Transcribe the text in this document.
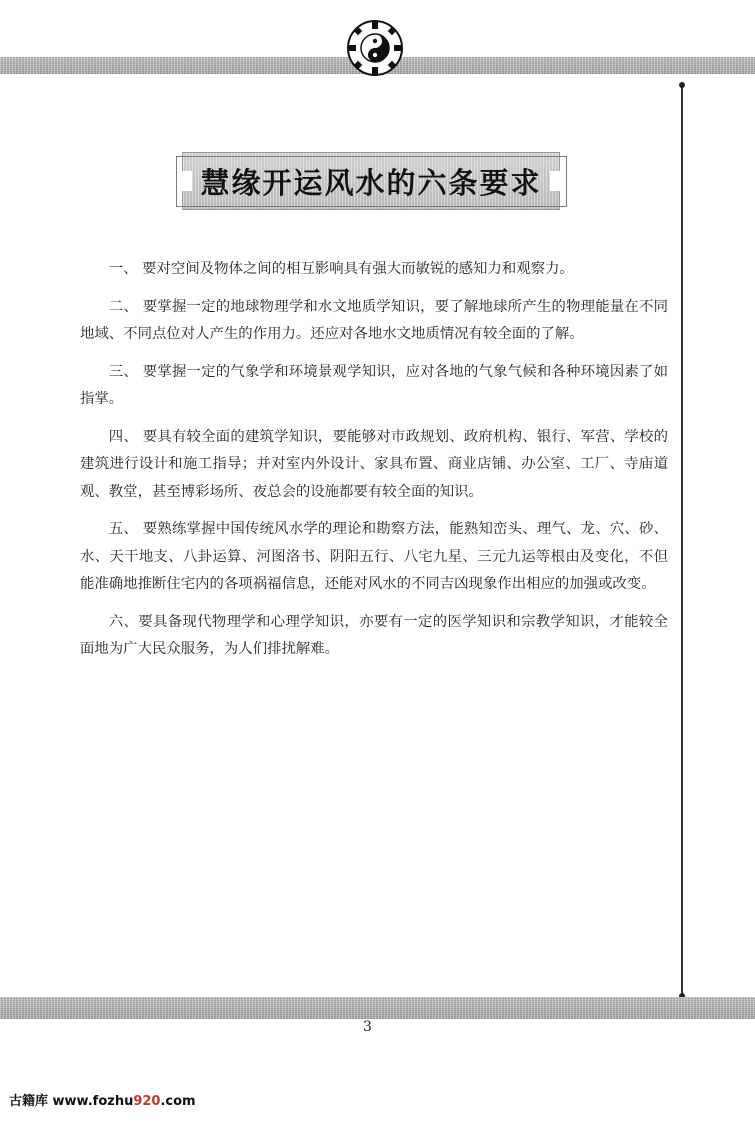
慧缘开运风水的六条要求

一、 要对空间及物体之间的相互影响具有强大而敏锐的感知力和观察力。

二、 要掌握一定的地球物理学和水文地质学知识，要了解地球所产生的物理能量在不同地域、不同点位对人产生的作用力。还应对各地水文地质情况有较全面的了解。

三、 要掌握一定的气象学和环境景观学知识，应对各地的气象气候和各种环境因素了如指掌。

四、 要具有较全面的建筑学知识，要能够对市政规划、政府机构、银行、军营、学校的建筑进行设计和施工指导；并对室内外设计、家具布置、商业店铺、办公室、工厂、寺庙道观、教堂，甚至博彩场所、夜总会的设施都要有较全面的知识。

五、 要熟练掌握中国传统风水学的理论和勘察方法，能熟知峦头、理气、龙、穴、砂、水、天干地支、八卦运算、河图洛书、阴阳五行、八宅九星、三元九运等根由及变化，不但能准确地推断住宅内的各项祸福信息，还能对风水的不同吉凶现象作出相应的加强或改变。

六、要具备现代物理学和心理学知识，亦要有一定的医学知识和宗教学知识，才能较全面地为广大民众服务，为人们排扰解难。

3
古籍库 www.fozhu920.com
